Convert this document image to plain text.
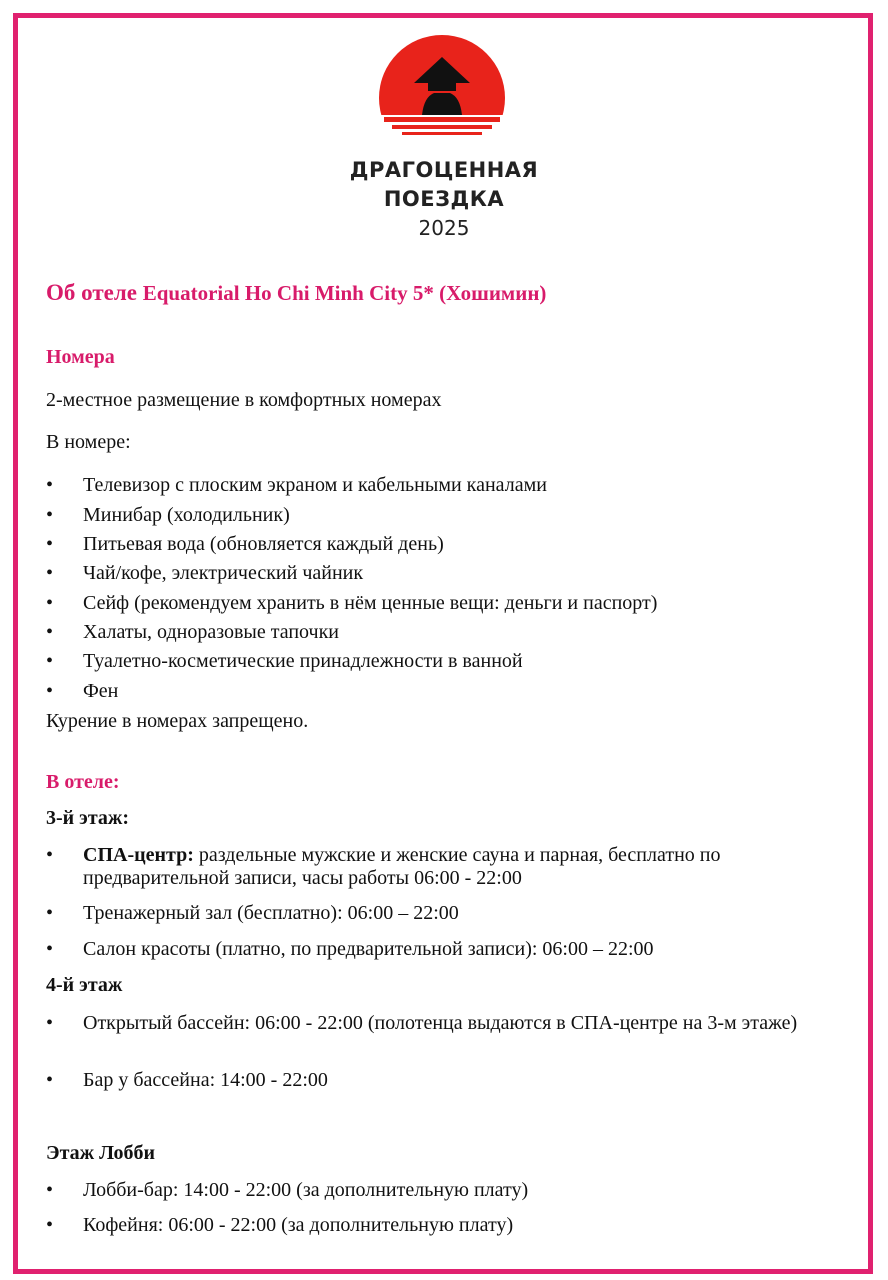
ДРАГОЦЕННАЯ
ПОЕЗДКА
2025
Об отеле Equatorial Ho Chi Minh City 5* (Хошимин)
Номера
2-местное размещение в комфортных номерах
В номере:
• Телевизор с плоским экраном и кабельными каналами
• Минибар (холодильник)
• Питьевая вода (обновляется каждый день)
• Чай/кофе, электрический чайник
• Сейф (рекомендуем хранить в нём ценные вещи: деньги и паспорт)
• Халаты, одноразовые тапочки
• Туалетно-косметические принадлежности в ванной
• Фен
Курение в номерах запрещено.
В отеле:
3-й этаж:
• СПА-центр: раздельные мужские и женские сауна и парная, бесплатно по предварительной записи, часы работы 06:00 - 22:00
• Тренажерный зал (бесплатно): 06:00 – 22:00
• Салон красоты (платно, по предварительной записи): 06:00 – 22:00
4-й этаж
• Открытый бассейн: 06:00 - 22:00 (полотенца выдаются в СПА-центре на 3-м этаже)
• Бар у бассейна: 14:00 - 22:00
Этаж Лобби
• Лобби-бар: 14:00 - 22:00 (за дополнительную плату)
• Кофейня: 06:00 - 22:00 (за дополнительную плату)
